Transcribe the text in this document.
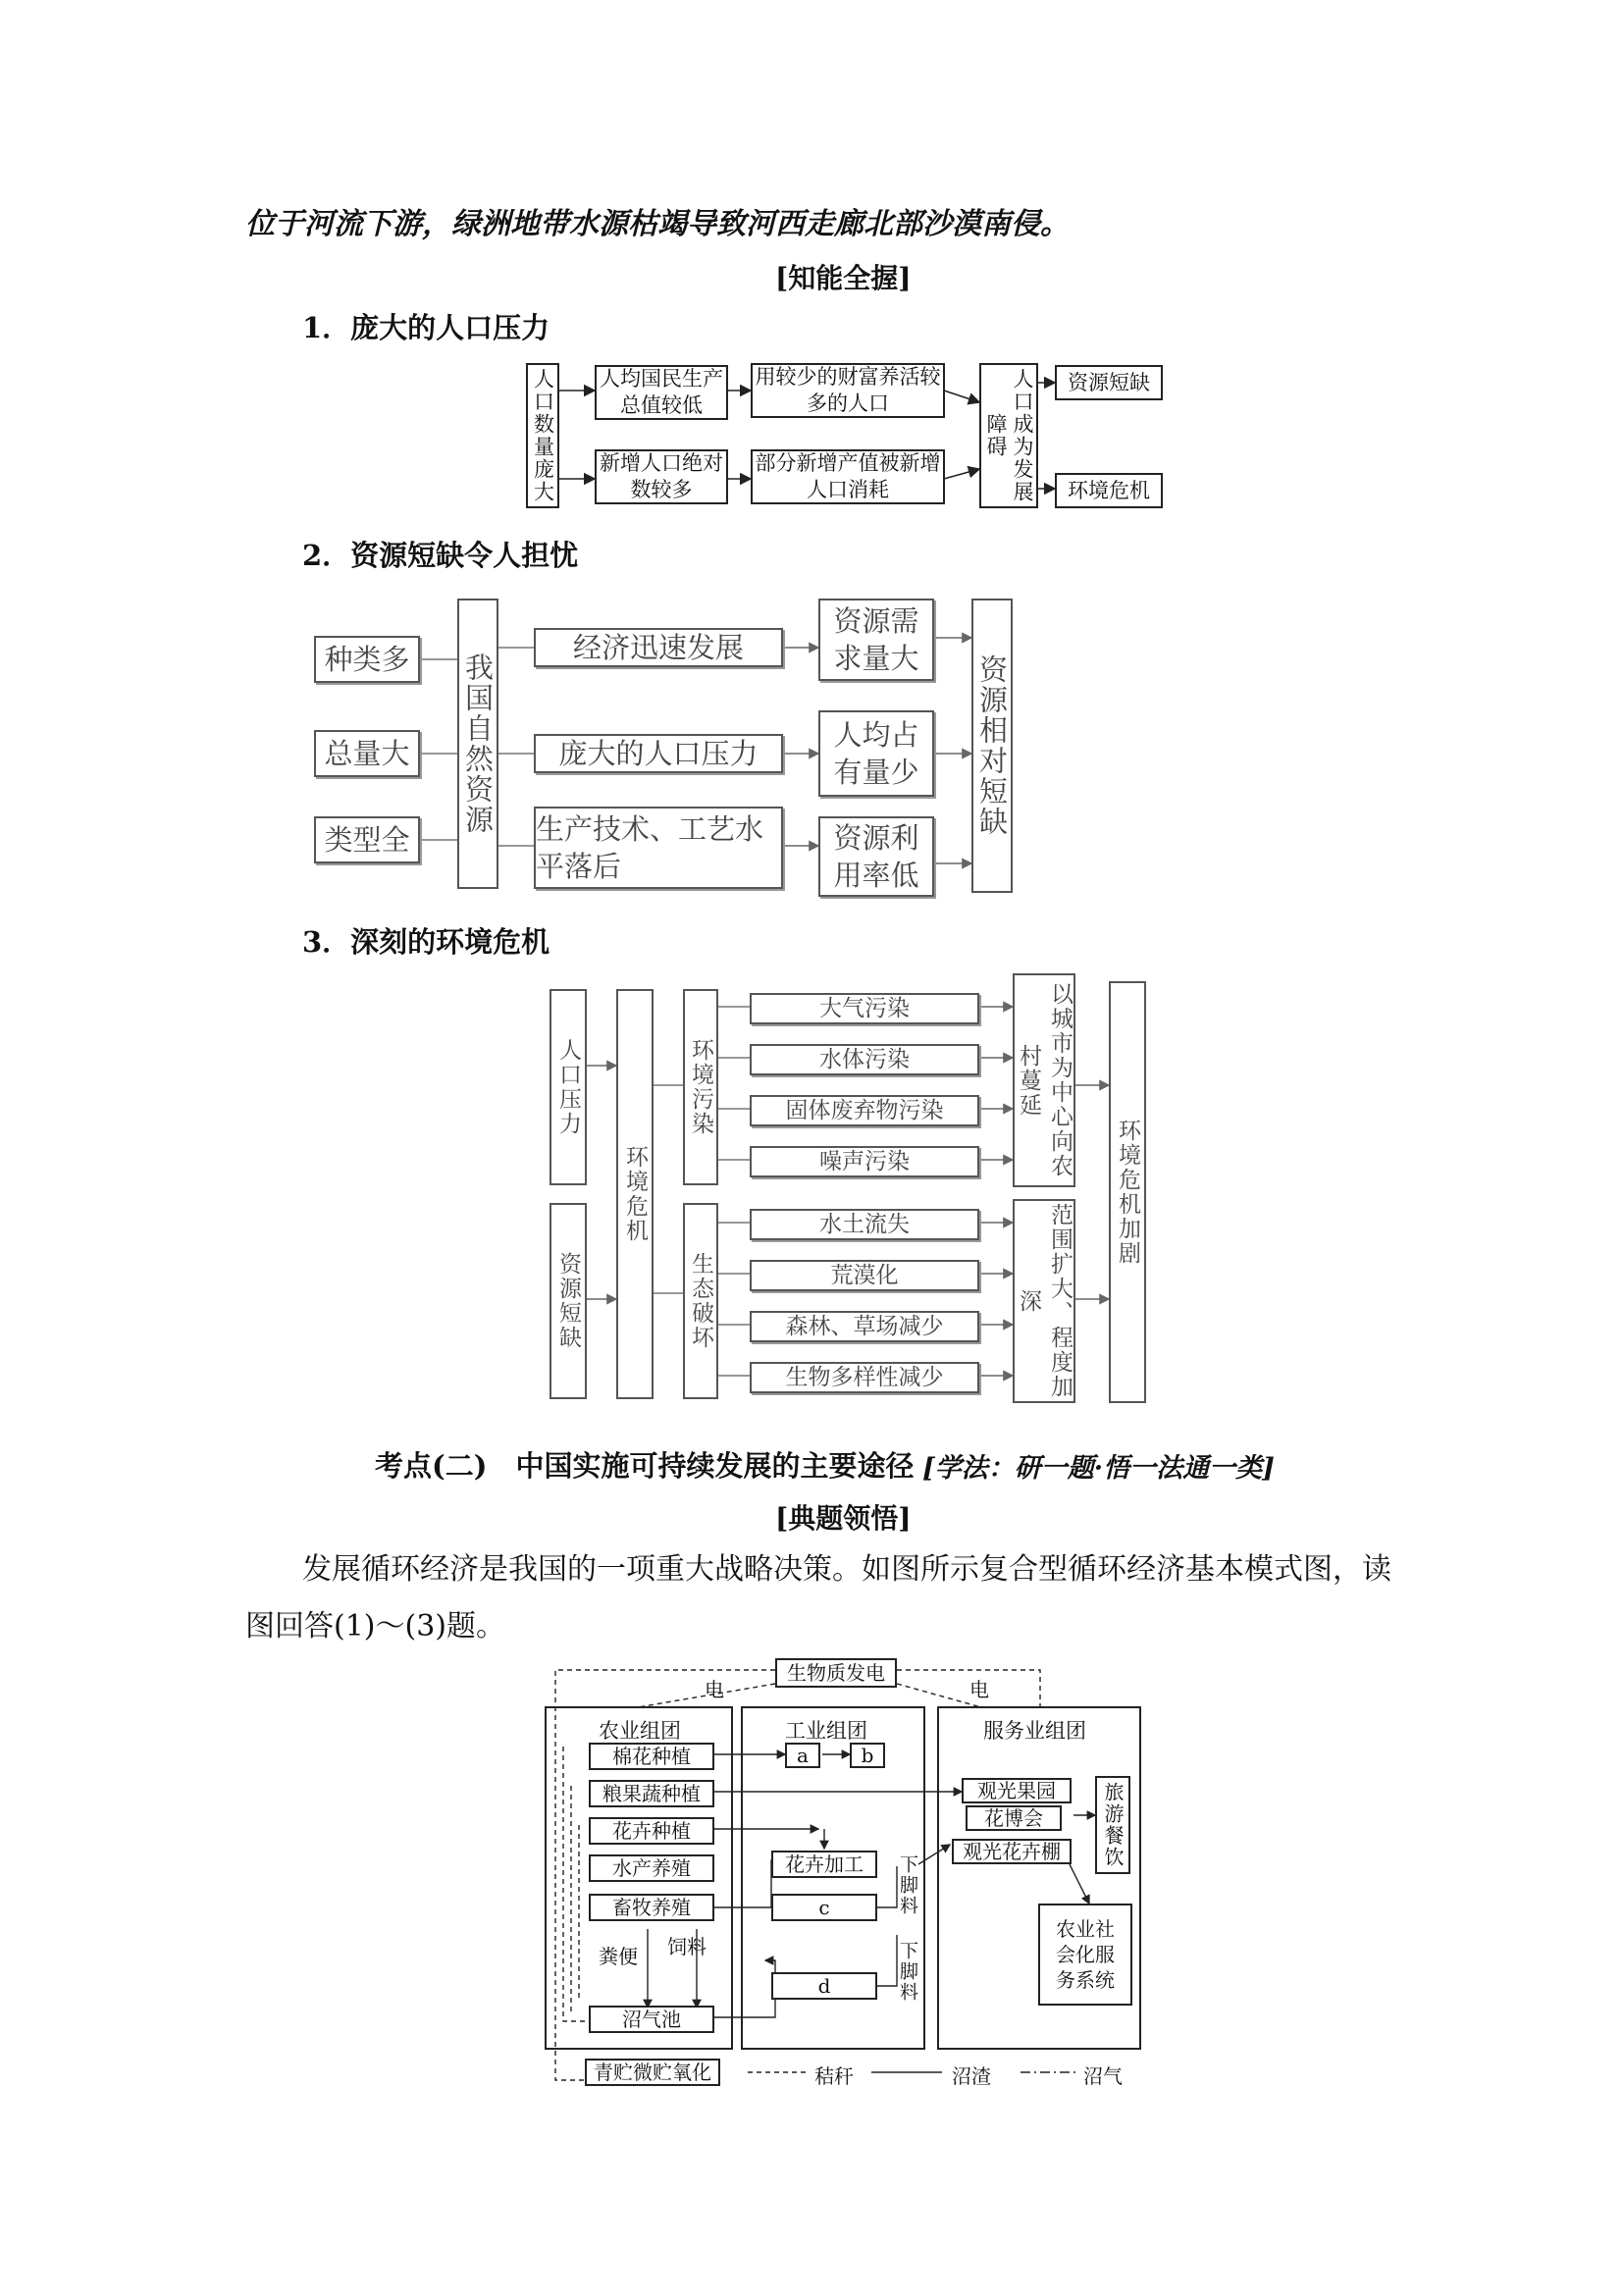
位于河流下游，绿洲地带水源枯竭导致河西走廊北部沙漠南侵。
[知能全握]
1．庞大的人口压力
人口数量庞大 人均国民生产总值较低
用较少的财富养活较多的人口
新增人口绝对数较多
部分新增产值被新增人口消耗	人口成为发展障碍
资源短缺
环境危机
2．资源短缺令人担忧
种类多
总量大
类型全
我国自然资源
经济迅速发展
庞大的人口压力
生产技术、工艺水平落后
资源需求量大
人均占有量少
资源利用率低
资源相对短缺
3．深刻的环境危机
人口压力
资源短缺
环境危机
环境污染
生态破坏
大气污染
水体污染
固体废弃物污染
噪声污染
水土流失
荒漠化
森林、草场减少
生物多样性减少
以城市为中心向农村蔓延
范围扩大、程度加深
环境危机加剧
考点(二)　中国实施可持续发展的主要途径 [学法：研一题·悟一法通一类]
[典题领悟]
发展循环经济是我国的一项重大战略决策。如图所示复合型循环经济基本模式图，读
图回答(1)～(3)题。
生物质发电
电	电
农业组团	工业组团	服务业组团
棉花种植
粮果蔬种植
花卉种植
水产养殖
畜牧养殖
沼气池
粪便 饲料
a	b
花卉加工
c
d
下脚料
下脚料
观光果园
花博会
观光花卉棚	旅游餐饮
农业社会化服务系统
青贮微贮氧化	秸秆	沼渣	沼气
